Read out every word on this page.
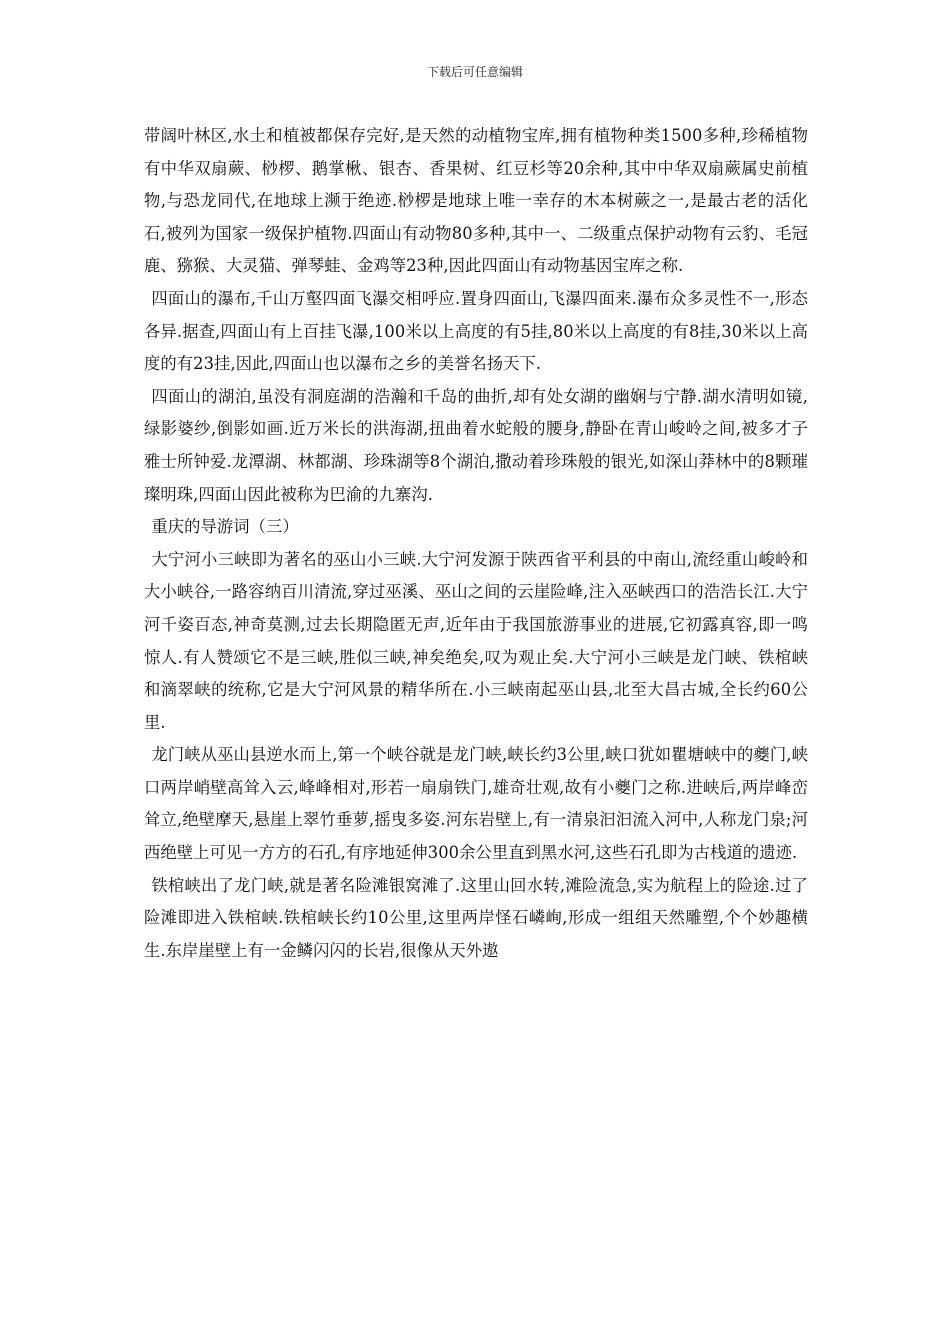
下载后可任意编辑

带阔叶林区,水土和植被都保存完好,是天然的动植物宝库,拥有植物种类1500多种,珍稀植物有中华双扇蕨、桫椤、鹅掌楸、银杏、香果树、红豆杉等20余种,其中中华双扇蕨属史前植物,与恐龙同代,在地球上濒于绝迹.桫椤是地球上唯一幸存的木本树蕨之一,是最古老的活化石,被列为国家一级保护植物.四面山有动物80多种,其中一、二级重点保护动物有云豹、毛冠鹿、猕猴、大灵猫、弹琴蛙、金鸡等23种,因此四面山有动物基因宝库之称.

四面山的瀑布,千山万壑四面飞瀑交相呼应.置身四面山,飞瀑四面来.瀑布众多灵性不一,形态各异.据查,四面山有上百挂飞瀑,100米以上高度的有5挂,80米以上高度的有8挂,30米以上高度的有23挂,因此,四面山也以瀑布之乡的美誉名扬天下.

四面山的湖泊,虽没有洞庭湖的浩瀚和千岛的曲折,却有处女湖的幽娴与宁静.湖水清明如镜,绿影婆纱,倒影如画.近万米长的洪海湖,扭曲着水蛇般的腰身,静卧在青山峻岭之间,被多才子雅士所钟爱.龙潭湖、林都湖、珍珠湖等8个湖泊,撒动着珍珠般的银光,如深山莽林中的8颗璀璨明珠,四面山因此被称为巴渝的九寨沟.

重庆的导游词（三）

大宁河小三峡即为著名的巫山小三峡.大宁河发源于陕西省平利县的中南山,流经重山峻岭和大小峡谷,一路容纳百川清流,穿过巫溪、巫山之间的云崖险峰,注入巫峡西口的浩浩长江.大宁河千姿百态,神奇莫测,过去长期隐匿无声,近年由于我国旅游事业的进展,它初露真容,即一鸣惊人.有人赞颂它不是三峡,胜似三峡,神矣绝矣,叹为观止矣.大宁河小三峡是龙门峡、铁棺峡和滴翠峡的统称,它是大宁河风景的精华所在.小三峡南起巫山县,北至大昌古城,全长约60公里.

龙门峡从巫山县逆水而上,第一个峡谷就是龙门峡,峡长约3公里,峡口犹如瞿塘峡中的夔门,峡口两岸峭壁高耸入云,峰峰相对,形若一扇扇铁门,雄奇壮观,故有小夔门之称.进峡后,两岸峰峦耸立,绝壁摩天,悬崖上翠竹垂萝,摇曳多姿.河东岩壁上,有一清泉汩汩流入河中,人称龙门泉;河西绝壁上可见一方方的石孔,有序地延伸300余公里直到黑水河,这些石孔即为古栈道的遗迹.

铁棺峡出了龙门峡,就是著名险滩银窝滩了.这里山回水转,滩险流急,实为航程上的险途.过了险滩即进入铁棺峡.铁棺峡长约10公里,这里两岸怪石嶙峋,形成一组组天然雕塑,个个妙趣横生.东岸崖壁上有一金鳞闪闪的长岩,很像从天外遨
